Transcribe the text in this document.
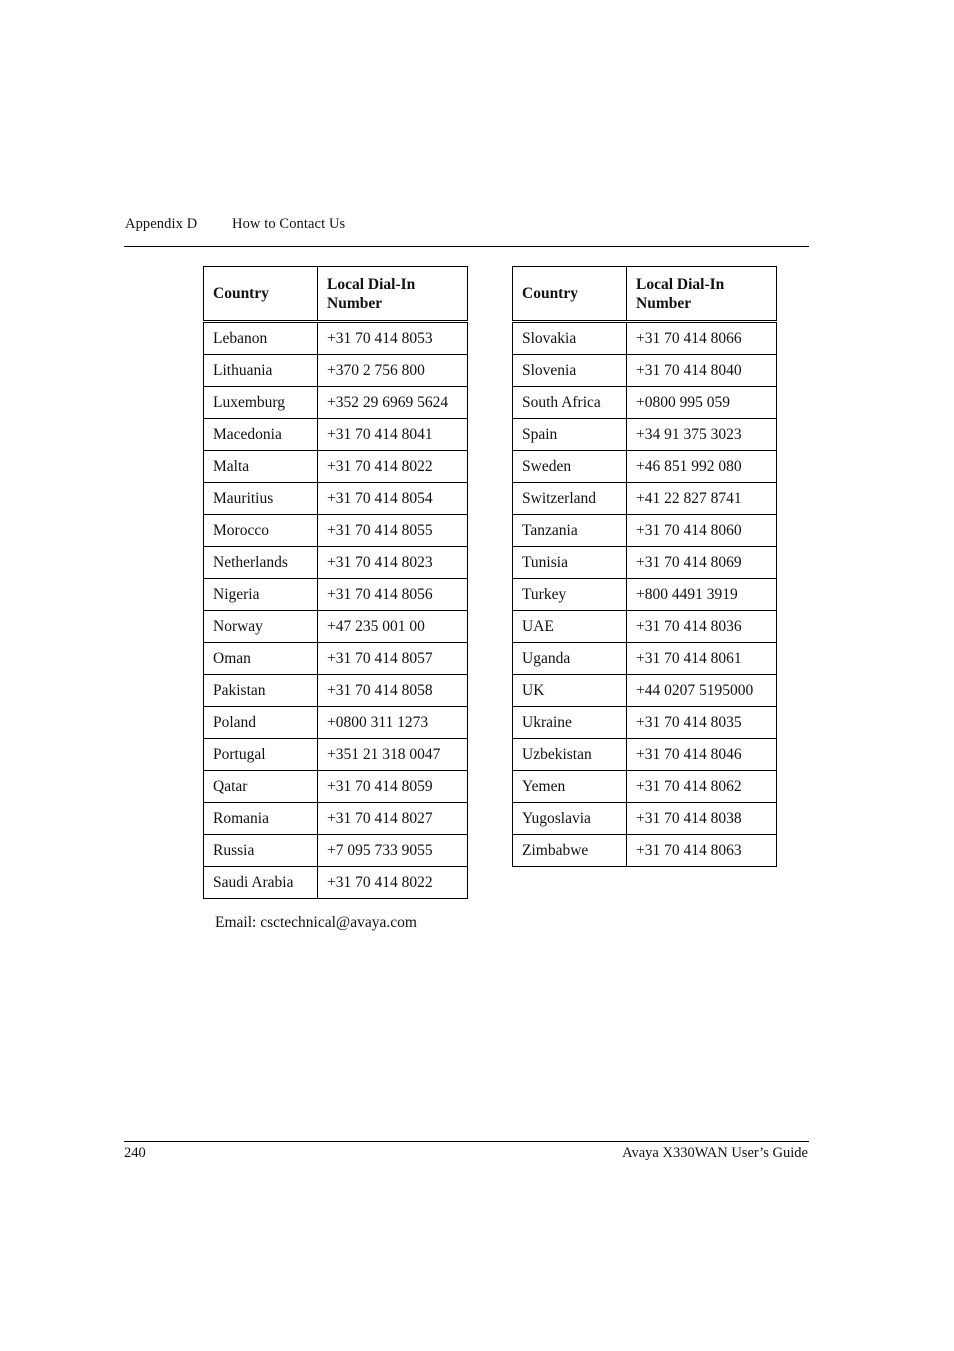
Appendix D How to Contact Us
Country	Local Dial-In
Number

Lebanon	+31 70 414 8053
Lithuania	+370 2 756 800
Luxemburg	+352 29 6969 5624
Macedonia	+31 70 414 8041
Malta	+31 70 414 8022
Mauritius	+31 70 414 8054
Morocco	+31 70 414 8055
Netherlands	+31 70 414 8023
Nigeria	+31 70 414 8056
Norway	+47 235 001 00
Oman	+31 70 414 8057
Pakistan	+31 70 414 8058
Poland	+0800 311 1273
Portugal	+351 21 318 0047
Qatar	+31 70 414 8059
Romania	+31 70 414 8027
Russia	+7 095 733 9055
Saudi Arabia	+31 70 414 8022
Country	Local Dial-In
Number

Slovakia	+31 70 414 8066
Slovenia	+31 70 414 8040
South Africa	+0800 995 059
Spain	+34 91 375 3023
Sweden	+46 851 992 080
Switzerland	+41 22 827 8741
Tanzania	+31 70 414 8060
Tunisia	+31 70 414 8069
Turkey	+800 4491 3919
UAE	+31 70 414 8036
Uganda	+31 70 414 8061
UK	+44 0207 5195000
Ukraine	+31 70 414 8035
Uzbekistan	+31 70 414 8046
Yemen	+31 70 414 8062
Yugoslavia	+31 70 414 8038
Zimbabwe	+31 70 414 8063
Email: csctechnical@avaya.com
240	Avaya X330WAN User’s Guide
